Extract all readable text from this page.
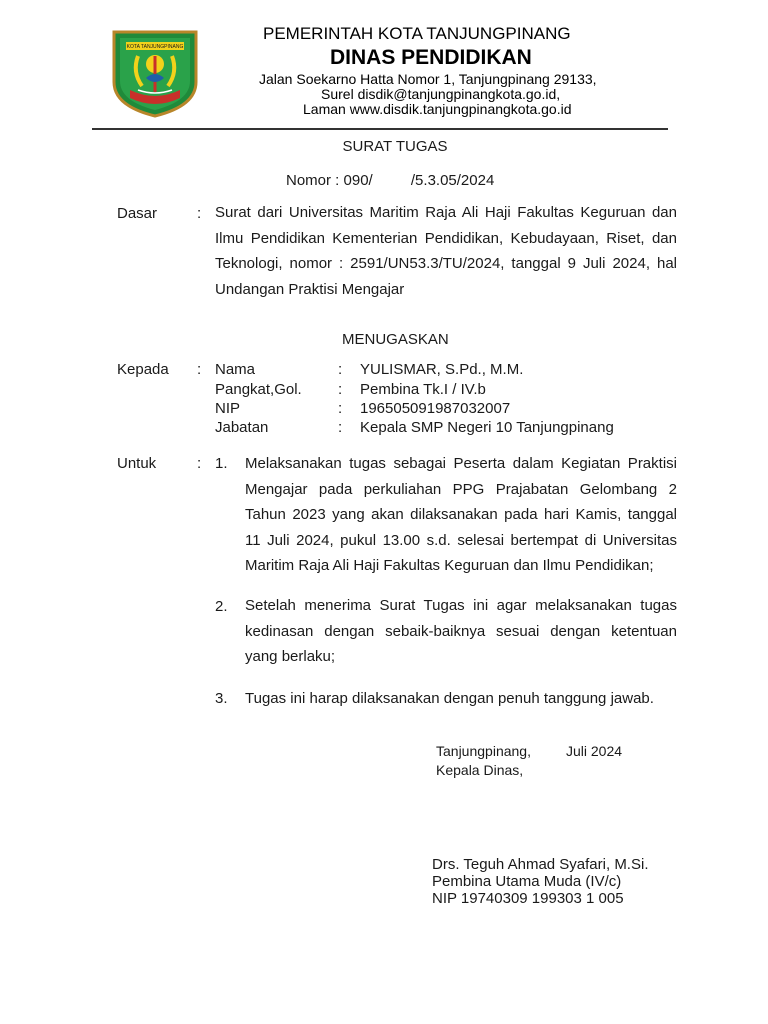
KOTA TANJUNGPINANG
PEMERINTAH KOTA TANJUNGPINANG
DINAS PENDIDIKAN
Jalan Soekarno Hatta Nomor 1, Tanjungpinang 29133,
Surel disdik@tanjungpinangkota.go.id,
Laman www.disdik.tanjungpinangkota.go.id
SURAT TUGAS
Nomor : 090/	/5.3.05/2024
Dasar	: Surat dari Universitas Maritim Raja Ali Haji Fakultas Keguruan dan
Ilmu Pendidikan Kementerian Pendidikan, Kebudayaan, Riset, dan
Teknologi, nomor : 2591/UN53.3/TU/2024, tanggal 9 Juli 2024, hal
Undangan Praktisi Mengajar
MENUGASKAN
Kepada : Nama	: YULISMAR, S.Pd., M.M.
Pangkat,Gol. : Pembina Tk.I / IV.b
NIP	: 196505091987032007
Jabatan	: Kepala SMP Negeri 10 Tanjungpinang
Untuk	: 1. Melaksanakan tugas sebagai Peserta dalam Kegiatan Praktisi
Mengajar pada perkuliahan PPG Prajabatan Gelombang 2
Tahun 2023 yang akan dilaksanakan pada hari Kamis, tanggal
11 Juli 2024, pukul 13.00 s.d. selesai bertempat di Universitas
Maritim Raja Ali Haji Fakultas Keguruan dan Ilmu Pendidikan;
2. Setelah menerima Surat Tugas ini agar melaksanakan tugas
kedinasan dengan sebaik-baiknya sesuai dengan ketentuan
yang berlaku;
3. Tugas ini harap dilaksanakan dengan penuh tanggung jawab.
Tanjungpinang,	Juli 2024
Kepala Dinas,
Drs. Teguh Ahmad Syafari, M.Si.
Pembina Utama Muda (IV/c)
NIP 19740309 199303 1 005
